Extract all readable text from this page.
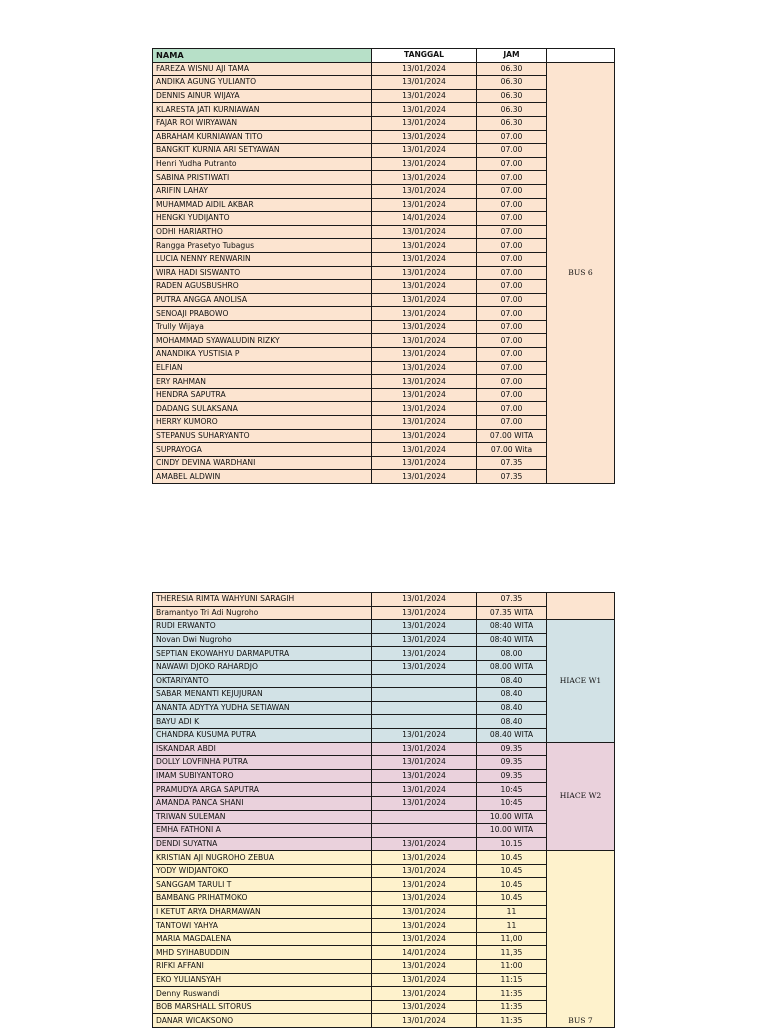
NAMA	TANGGAL	JAM	
FAREZA WISNU AJI TAMA	13/01/2024	06.30	BUS 6
ANDIKA AGUNG YULIANTO	13/01/2024	06.30	
DENNIS AINUR WIJAYA	13/01/2024	06.30	
KLARESTA JATI KURNIAWAN	13/01/2024	06.30	
FAJAR ROI WIRYAWAN	13/01/2024	06.30	
ABRAHAM KURNIAWAN TITO	13/01/2024	07.00	
BANGKIT KURNIA ARI SETYAWAN	13/01/2024	07.00	
Henri Yudha Putranto	13/01/2024	07.00	
SABINA PRISTIWATI	13/01/2024	07.00	
ARIFIN LAHAY	13/01/2024	07.00	
MUHAMMAD AIDIL AKBAR	13/01/2024	07.00	
HENGKI YUDIJANTO	14/01/2024	07.00	
ODHI HARIARTHO	13/01/2024	07.00	
Rangga Prasetyo Tubagus	13/01/2024	07.00	
LUCIA NENNY RENWARIN	13/01/2024	07.00	
WIRA HADI SISWANTO	13/01/2024	07.00	
RADEN AGUSBUSHRO	13/01/2024	07.00	
PUTRA ANGGA ANOLISA	13/01/2024	07.00	
SENOAJI PRABOWO	13/01/2024	07.00	
Trully Wijaya	13/01/2024	07.00	
MOHAMMAD SYAWALUDIN RIZKY	13/01/2024	07.00	
ANANDIKA YUSTISIA P	13/01/2024	07.00	
ELFIAN	13/01/2024	07.00	
ERY RAHMAN	13/01/2024	07.00	
HENDRA SAPUTRA	13/01/2024	07.00	
DADANG SULAKSANA	13/01/2024	07.00	
HERRY KUMORO	13/01/2024	07.00	
STEPANUS SUHARYANTO	13/01/2024	07.00 WITA	
SUPRAYOGA	13/01/2024	07.00 Wita	
CINDY DEVINA WARDHANI	13/01/2024	07.35	
AMABEL ALDWIN	13/01/2024	07.35	
THERESIA RIMTA WAHYUNI SARAGIH	13/01/2024	07.35	
Bramantyo Tri Adi Nugroho	13/01/2024	07.35 WITA	
RUDI ERWANTO	13/01/2024	08:40 WITA	HIACE W1
Novan Dwi Nugroho	13/01/2024	08:40 WITA	
SEPTIAN EKOWAHYU DARMAPUTRA	13/01/2024	08.00	
NAWAWI DJOKO RAHARDJO	13/01/2024	08.00 WITA	
OKTARIYANTO		08.40	
SABAR MENANTI KEJUJURAN		08.40	
ANANTA ADYTYA YUDHA SETIAWAN		08.40	
BAYU ADI K		08.40	
CHANDRA KUSUMA PUTRA	13/01/2024	08.40 WITA	
ISKANDAR ABDI	13/01/2024	09.35	HIACE W2
DOLLY LOVFINHA PUTRA	13/01/2024	09.35	
IMAM SUBIYANTORO	13/01/2024	09.35	
PRAMUDYA ARGA SAPUTRA	13/01/2024	10:45	
AMANDA PANCA SHANI	13/01/2024	10:45	
TRIWAN SULEMAN		10.00 WITA	
EMHA FATHONI A		10.00 WITA	
DENDI SUYATNA	13/01/2024	10.15	
KRISTIAN AJI NUGROHO ZEBUA	13/01/2024	10.45	BUS 7
YODY WIDJANTOKO	13/01/2024	10.45	
SANGGAM TARULI T	13/01/2024	10.45	
BAMBANG PRIHATMOKO	13/01/2024	10.45	
I KETUT ARYA DHARMAWAN	13/01/2024	11	
TANTOWI YAHYA	13/01/2024	11	
MARIA MAGDALENA	13/01/2024	11,00	
MHD SYIHABUDDIN	14/01/2024	11,35	
RIFKI AFFANI	13/01/2024	11:00	
EKO YULIANSYAH	13/01/2024	11:15	
Denny Ruswandi	13/01/2024	11:35	
BOB MARSHALL SITORUS	13/01/2024	11:35	
DANAR WICAKSONO	13/01/2024	11:35	
